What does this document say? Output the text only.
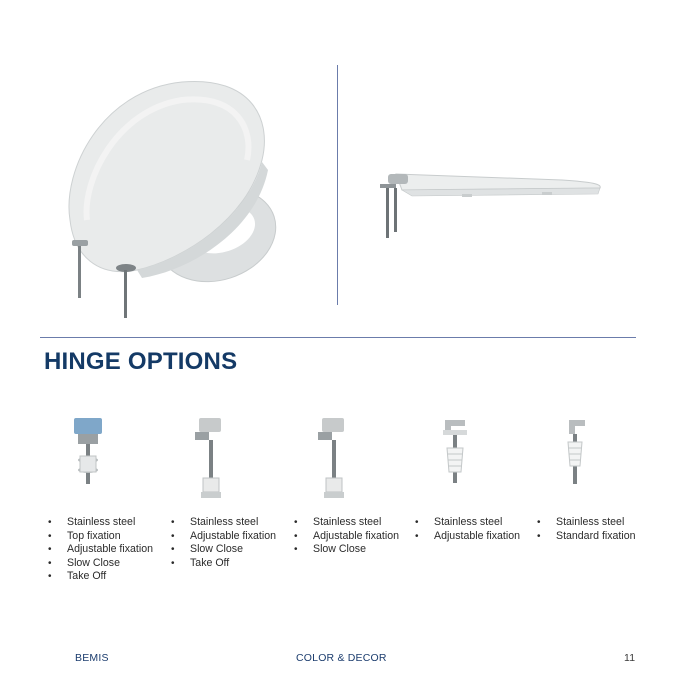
HINGE OPTIONS
• Stainless steel
• Top fixation
• Adjustable fixation
• Slow Close
• Take Off
• Stainless steel
• Adjustable fixation
• Slow Close
• Take Off
• Stainless steel
• Adjustable fixation
• Slow Close
• Stainless steel
• Adjustable fixation
• Stainless steel
• Standard fixation
BEMIS	COLOR & DECOR	11
